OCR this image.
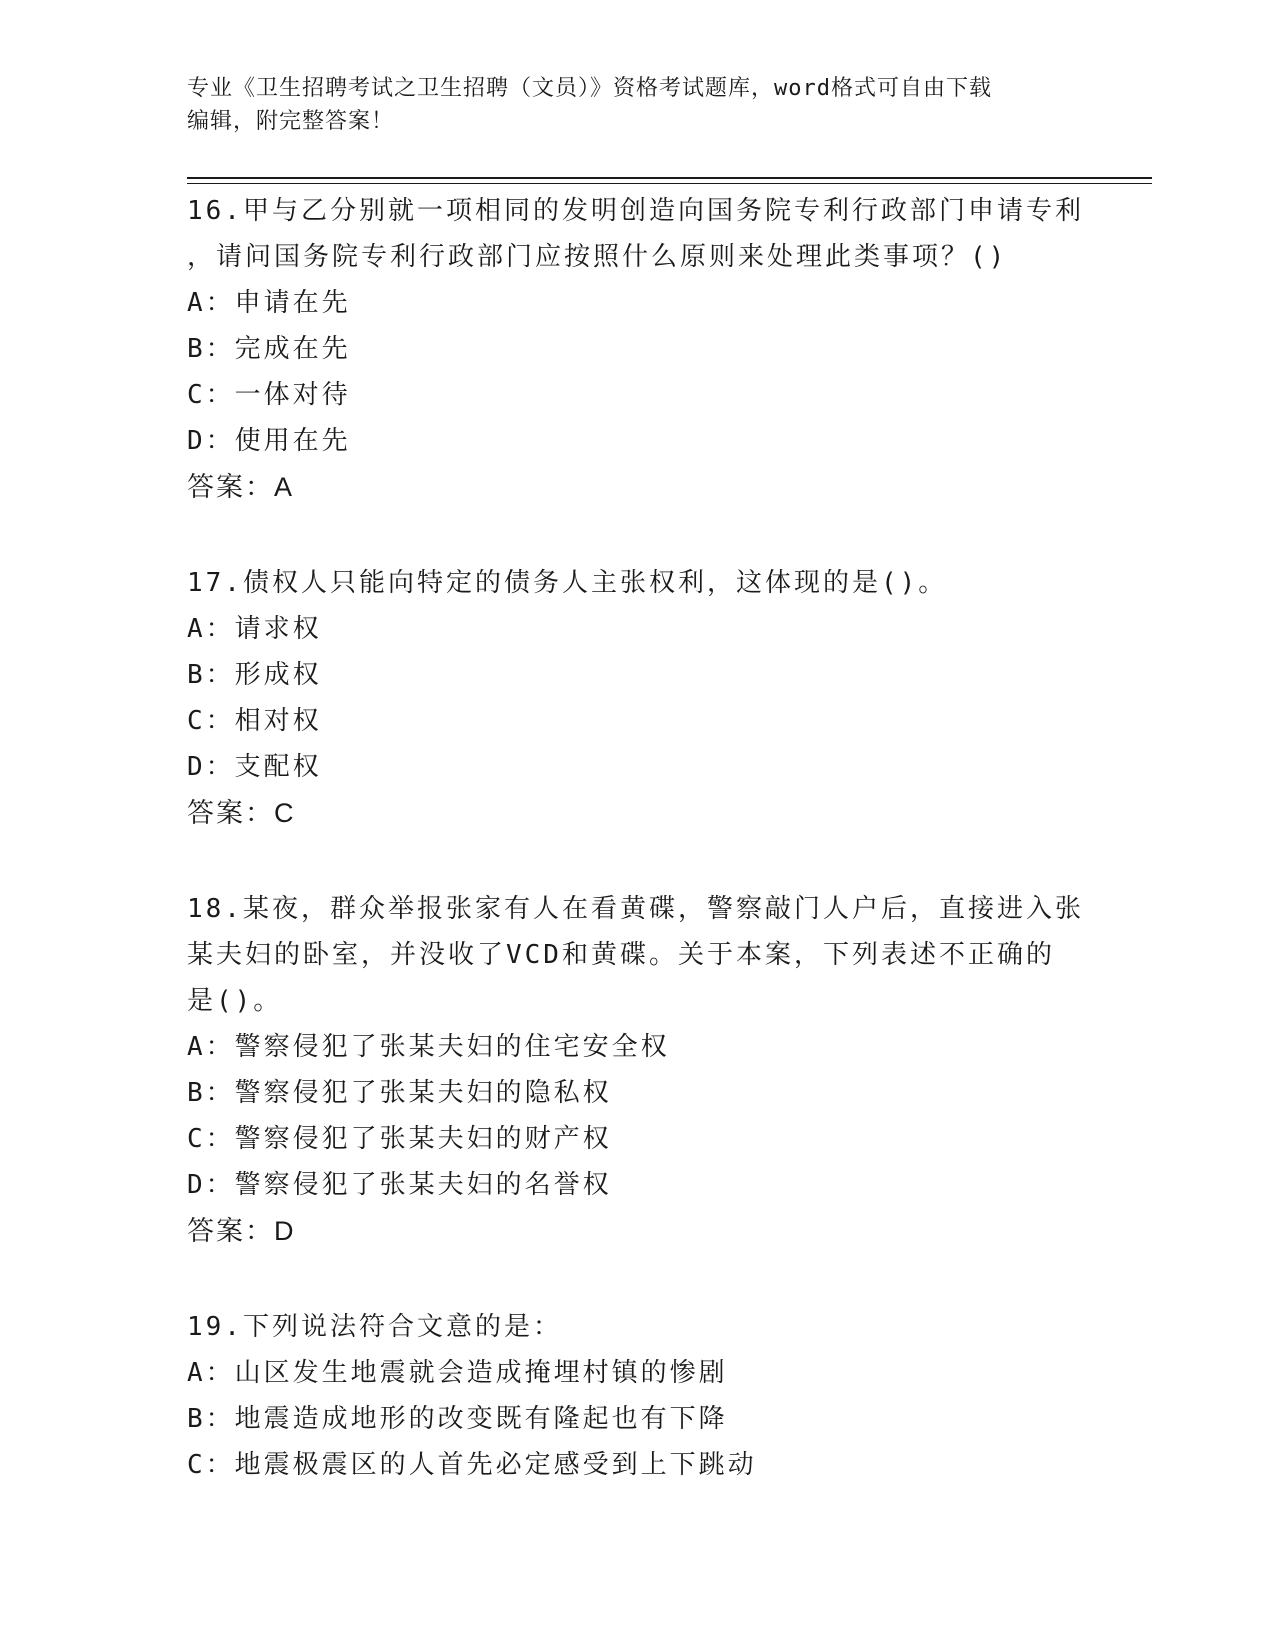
专业《卫生招聘考试之卫生招聘（文员）》资格考试题库，word格式可自由下载
编辑，附完整答案！
16.甲与乙分别就一项相同的发明创造向国务院专利行政部门申请专利
，请问国务院专利行政部门应按照什么原则来处理此类事项？()
A：申请在先
B：完成在先
C：一体对待
D：使用在先
答案：A
17.债权人只能向特定的债务人主张权利，这体现的是()。
A：请求权
B：形成权
C：相对权
D：支配权
答案：C
18.某夜，群众举报张家有人在看黄碟，警察敲门人户后，直接进入张
某夫妇的卧室，并没收了VCD和黄碟。关于本案，下列表述不正确的
是()。
A：警察侵犯了张某夫妇的住宅安全权
B：警察侵犯了张某夫妇的隐私权
C：警察侵犯了张某夫妇的财产权
D：警察侵犯了张某夫妇的名誉权
答案：D
19.下列说法符合文意的是：
A：山区发生地震就会造成掩埋村镇的惨剧
B：地震造成地形的改变既有隆起也有下降
C：地震极震区的人首先必定感受到上下跳动
